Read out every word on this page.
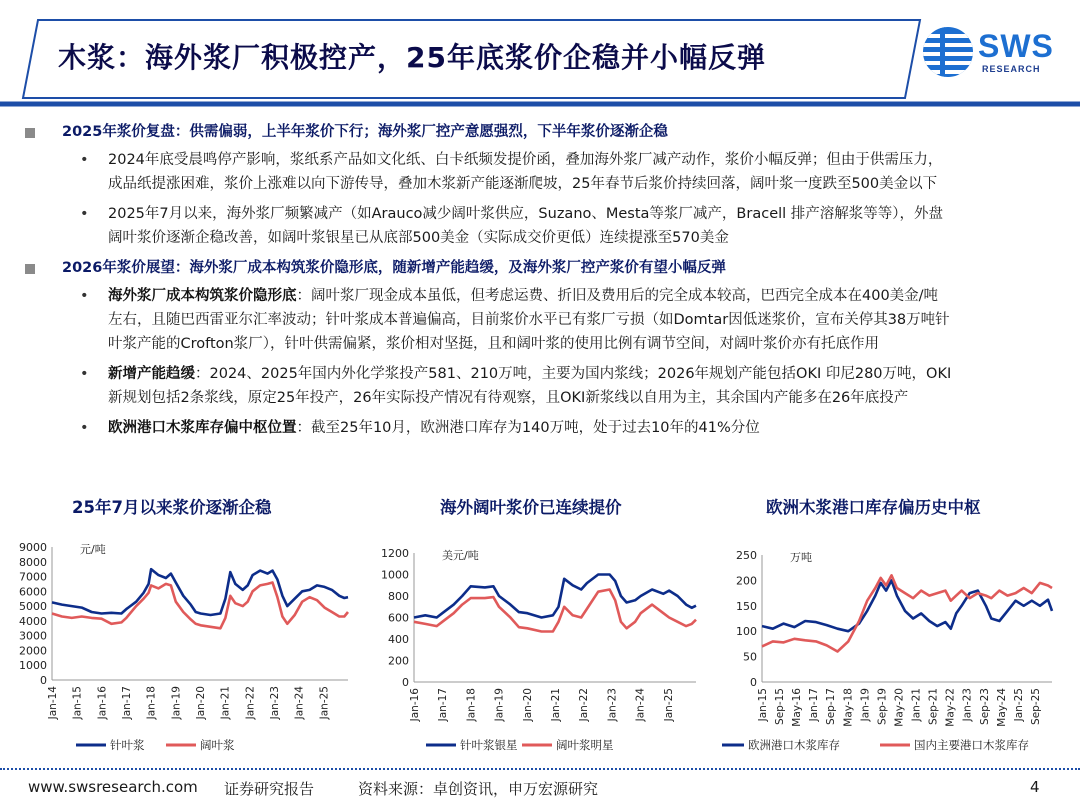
木浆：海外浆厂积极控产，25年底浆价企稳并小幅反弹	SWS
RESEARCH
2025年浆价复盘：供需偏弱，上半年浆价下行；海外浆厂控产意愿强烈，下半年浆价逐渐企稳
• 2024年底受晨鸣停产影响，浆纸系产品如文化纸、白卡纸频发提价函，叠加海外浆厂减产动作，浆价小幅反弹；但由于供需压力，
成品纸提涨困难，浆价上涨难以向下游传导，叠加木浆新产能逐渐爬坡，25年春节后浆价持续回落，阔叶浆一度跌至500美金以下
• 2025年7月以来，海外浆厂频繁减产（如Arauco减少阔叶浆供应，Suzano、Mesta等浆厂减产，Bracell 排产溶解浆等等），外盘
阔叶浆价逐渐企稳改善，如阔叶浆银星已从底部500美金（实际成交价更低）连续提涨至570美金
2026年浆价展望：海外浆厂成本构筑浆价隐形底，随新增产能趋缓，及海外浆厂控产浆价有望小幅反弹
• 海外浆厂成本构筑浆价隐形底：阔叶浆厂现金成本虽低，但考虑运费、折旧及费用后的完全成本较高，巴西完全成本在400美金/吨
左右，且随巴西雷亚尔汇率波动；针叶浆成本普遍偏高，目前浆价水平已有浆厂亏损（如Domtar因低迷浆价，宣布关停其38万吨针
叶浆产能的Crofton浆厂），针叶供需偏紧，浆价相对坚挺，且和阔叶浆的使用比例有调节空间，对阔叶浆价亦有托底作用
• 新增产能趋缓：2024、2025年国内外化学浆投产581、210万吨，主要为国内浆线；2026年规划产能包括OKI 印尼280万吨，OKI
新规划包括2条浆线，原定25年投产，26年实际投产情况有待观察，且OKI新浆线以自用为主，其余国内产能多在26年底投产
• 欧洲港口木浆库存偏中枢位置：截至25年10月，欧洲港口库存为140万吨，处于过去10年的41%分位
25年7月以来浆价逐渐企稳	海外阔叶浆价已连续提价	欧洲木浆港口库存偏历史中枢
0
1000
2000
3000
4000
5000
6000
7000
8000
9000	元/吨
Jan-14 Jan-15 Jan-16 Jan-17 Jan-18 Jan-19 Jan-20 Jan-21 Jan-22 Jan-23 Jan-24 Jan-25
针叶浆	阔叶浆
0
200
400
600
800
1000
1200	美元/吨
Jan-16 Jan-17 Jan-18 Jan-19 Jan-20 Jan-21 Jan-22 Jan-23 Jan-24 Jan-25
针叶浆银星	阔叶浆明星
0
50
100
150
200
250	万吨
Jan-15 Sep-15 May-16 Jan-17 Sep-17 May-18 Jan-19 Sep-19 May-20 Jan-21 Sep-21 May-22 Jan-23 Sep-23 May-24 Jan-25 Sep-25
欧洲港口木浆库存	国内主要港口木浆库存
www.swsresearch.com 证券研究报告	资料来源：卓创资讯，申万宏源研究	4
